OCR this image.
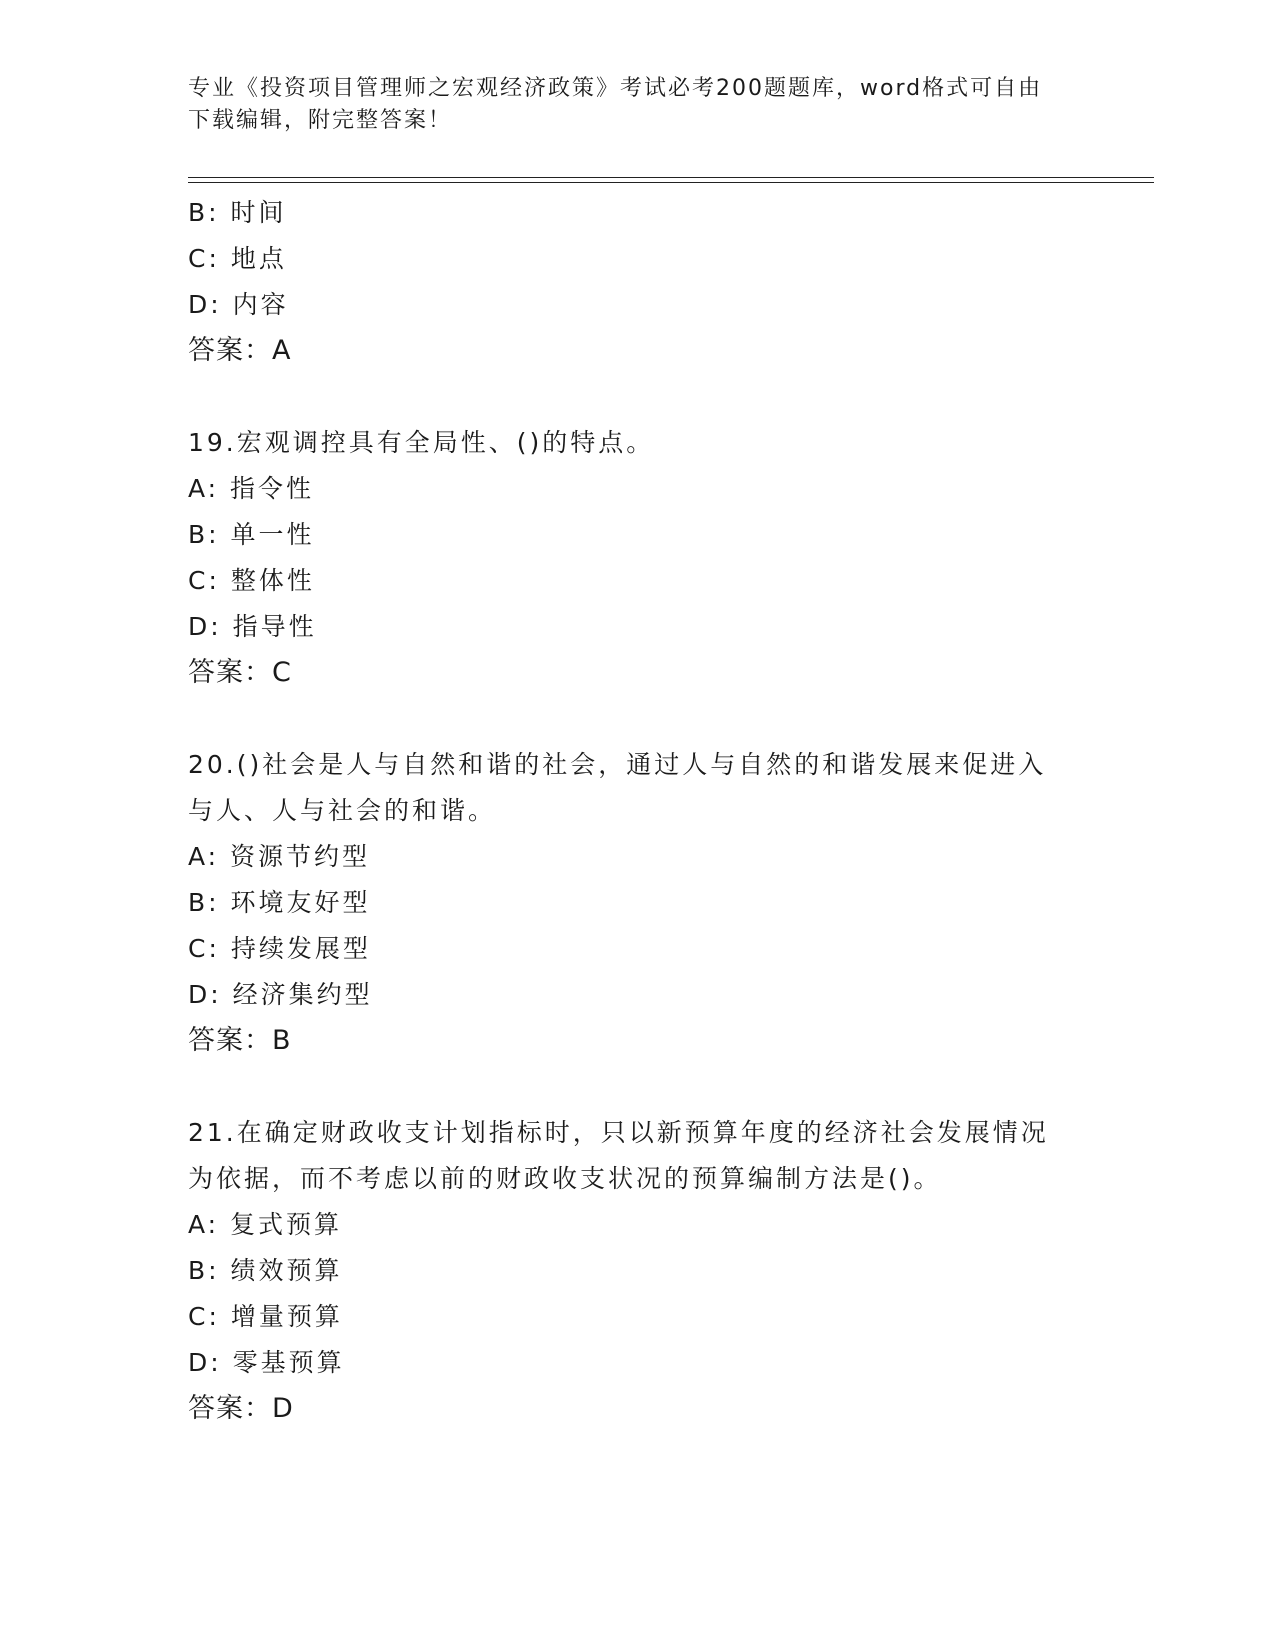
专业《投资项目管理师之宏观经济政策》考试必考200题题库，word格式可自由
下载编辑，附完整答案！
B: 时间
C: 地点
D: 内容
答案：A
19.宏观调控具有全局性、()的特点。
A: 指令性
B: 单一性
C: 整体性
D: 指导性
答案：C
20.()社会是人与自然和谐的社会，通过人与自然的和谐发展来促进入
与人、人与社会的和谐。
A: 资源节约型
B: 环境友好型
C: 持续发展型
D: 经济集约型
答案：B
21.在确定财政收支计划指标时，只以新预算年度的经济社会发展情况
为依据，而不考虑以前的财政收支状况的预算编制方法是()。
A: 复式预算
B: 绩效预算
C: 增量预算
D: 零基预算
答案：D
